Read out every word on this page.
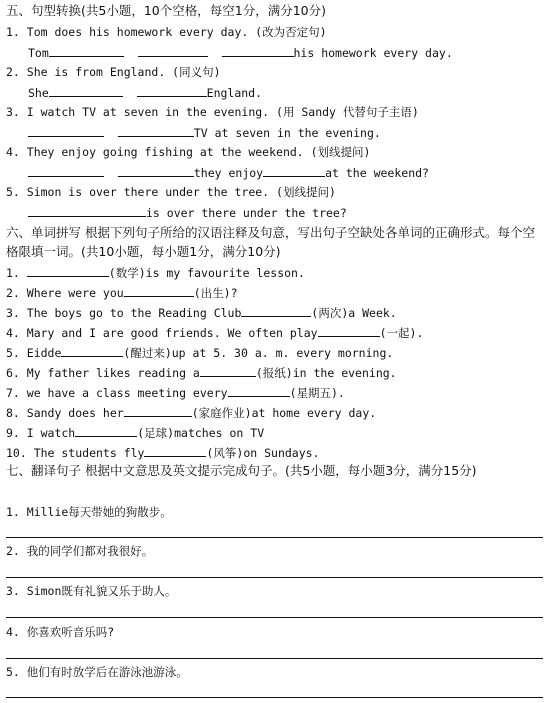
五、句型转换(共5小题，10个空格，每空1分，满分10分)
1. Tom does his homework every day. (改为否定句)
Tom	his homework every day.
2. She is from England. (同义句)
She	England.
3. I watch TV at seven in the evening. (用 Sandy 代替句子主语)
TV at seven in the evening.
4. They enjoy going fishing at the weekend. (划线提问)
they enjoy	at the weekend?
5. Simon is over there under the tree. (划线提问)
is over there under the tree?
六、单词拼写 根据下列句子所给的汉语注释及句意，写出句子空缺处各单词的正确形式。每个空格限填一词。(共10小题，每小题1分，满分10分)
1.	(数学)is my favourite lesson.
2. Where were you	(出生)?
3. The boys go to the Reading Club	(两次)a Week.
4. Mary and I are good friends. We often play	(一起).
5. Eidde	(醒过来)up at 5. 30 a. m. every morning.
6. My father likes reading a	(报纸)in the evening.
7. we have a class meeting every	(星期五).
8. Sandy does her	(家庭作业)at home every day.
9. I watch	(足球)matches on TV
10. The students fly	(风筝)on Sundays.
七、翻译句子 根据中文意思及英文提示完成句子。(共5小题，每小题3分，满分15分)
1. Millie每天带她的狗散步。
2. 我的同学们都对我很好。
3. Simon既有礼貌又乐于助人。
4. 你喜欢听音乐吗?
5. 他们有时放学后在游泳池游泳。
